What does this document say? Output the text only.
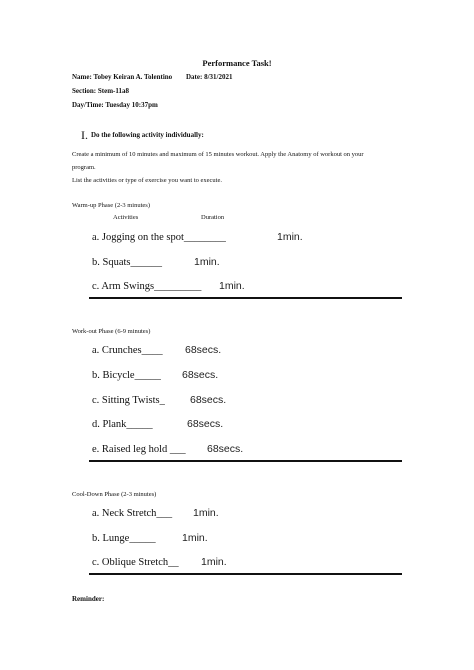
Performance Task!
Name: Tobey Keiran A. Tolentino Date: 8/31/2021
Section: Stem-11a8
Day/Time: Tuesday 10:37pm
I. Do the following activity individually:
Create a minimum of 10 minutes and maximum of 15 minutes workout. Apply the Anatomy of workout on your
program.
List the activities or type of exercise you want to execute.
Warm-up Phase (2-3 minutes)
Activities	Duration
a. Jogging on the spot________	1min.
b. Squats______	1min.
c. Arm Swings_________ 1min.
Work-out Phase (6-9 minutes)
a. Crunches____ 68secs.
b. Bicycle_____ 68secs.
c. Sitting Twists_ 68secs.
d. Plank_____	68secs.
e. Raised leg hold ___ 68secs.
Cool-Down Phase (2-3 minutes)
a. Neck Stretch___ 1min.
b. Lunge_____	1min.
c. Oblique Stretch__ 1min.
Reminder:
